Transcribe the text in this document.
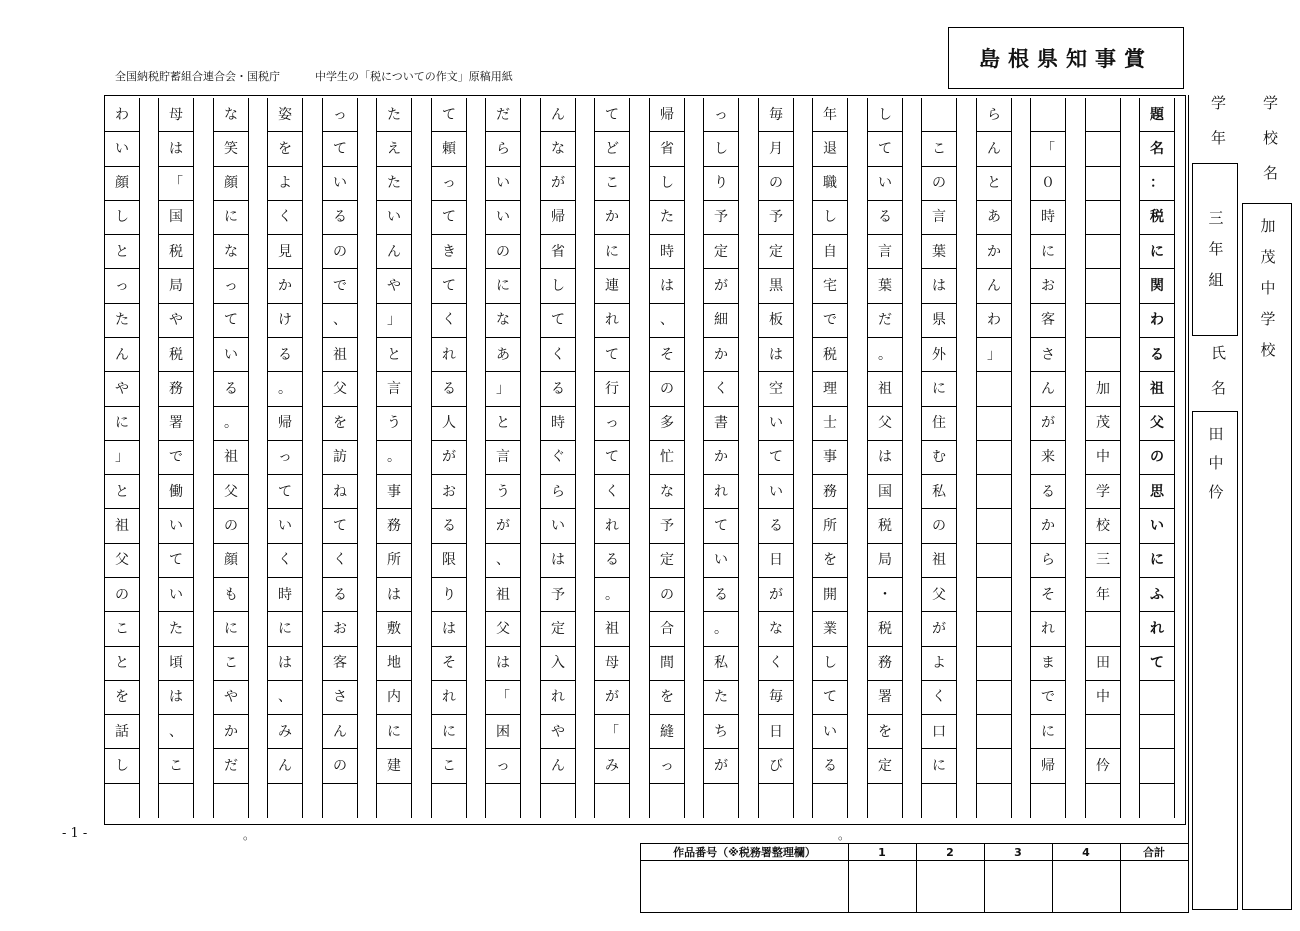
全国納税貯蓄組合連合会・国税庁	中学生の「税についての作文」原稿用紙
島根県知事賞
題
名
：
税
に
関
わ
る
祖
父
の
思
い
に
ふ
れ
て
加
茂
中
学
校
三
年
田
中
仱
「
０
時
に
お
客
さ
ん
が
来
る
か
ら
そ
れ
ま
で
に
帰
ら
ん
と
あ
か
ん
わ
」
こ
の
言
葉
は
県
外
に
住
む
私
の
祖
父
が
よ
く
口
に
し
て
い
る
言
葉
だ
。
祖
父
は
国
税
局
・
税
務
署
を
定
年
退
職
し
自
宅
で
税
理
士
事
務
所
を
開
業
し
て
い
る
毎
月
の
予
定
黒
板
は
空
い
て
い
る
日
が
な
く
毎
日
び
っ
し
り
予
定
が
細
か
く
書
か
れ
て
い
る
。
私
た
ち
が
帰
省
し
た
時
は
、
そ
の
多
忙
な
予
定
の
合
間
を
縫
っ
て
ど
こ
か
に
連
れ
て
行
っ
て
く
れ
る
。
祖
母
が
「
み
ん
な
が
帰
省
し
て
く
る
時
ぐ
ら
い
は
予
定
入
れ
や
ん
だ
ら
い
い
の
に
な
あ
」
と
言
う
が
、
祖
父
は
「
困
っ
て
頼
っ
て
き
て
く
れ
る
人
が
お
る
限
り
は
そ
れ
に
こ
た
え
た
い
ん
や
」
と
言
う
。
事
務
所
は
敷
地
内
に
建
っ
て
い
る
の
で
、
祖
父
を
訪
ね
て
く
る
お
客
さ
ん
の
姿
を
よ
く
見
か
け
る
。
帰
っ
て
い
く
時
に
は
、
み
ん
な
笑
顔
に
な
っ
て
い
る
。
祖
父
の
顔
も
に
こ
や
か
だ
母
は
「
国
税
局
や
税
務
署
で
働
い
て
い
た
頃
は
、
こ
わ
い
顔
し
と
っ
た
ん
や
に
」
と
祖
父
の
こ
と
を
話
し
学年
三年組
氏名
田中仱
学校名
加茂中学校
- 1 -	。	。
作品番号（※税務署整理欄）	1	2	3	4	合計
